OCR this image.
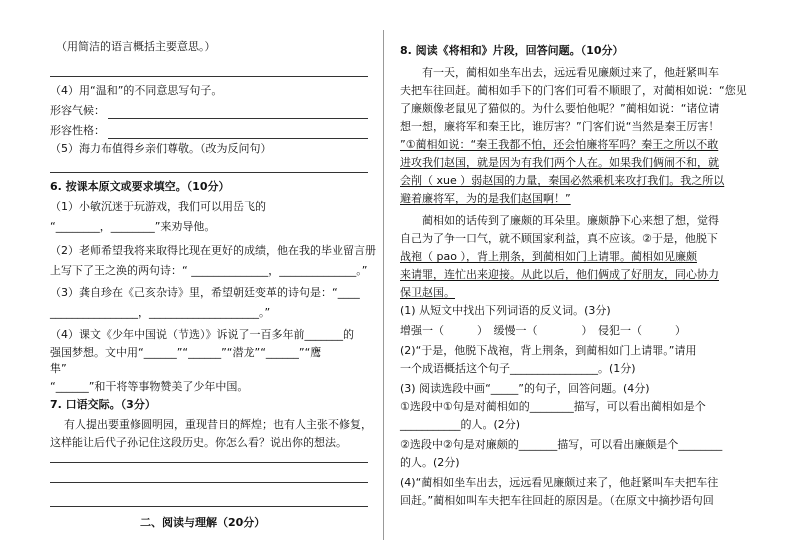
（用简洁的语言概括主要意思。）
（4）用“温和”的不同意思写句子。
形容气候：
形容性格：
（5）海力布值得乡亲们尊敬。（改为反问句）
6. 按课本原文或要求填空。（10分）
（1）小敏沉迷于玩游戏，我们可以用岳飞的
“________，________”来劝导他。
（2）老师希望我将来取得比现在更好的成绩，他在我的毕业留言册
上写下了王之涣的两句诗：“ ______________，______________。”
（3）龚自珍在《己亥杂诗》里，希望朝廷变革的诗句是：“____
________________，____________________。”
（4）课文《少年中国说（节选）》诉说了一百多年前_______的
强国梦想。文中用“______”“______”“潜龙”“______”“鹰
隼”
“______”和干将等事物赞美了少年中国。
7. 口语交际。（3分）
有人提出要重修圆明园，重现昔日的辉煌；也有人主张不修复，
这样能让后代子孙记住这段历史。你怎么看？说出你的想法。
二、阅读与理解（20分）
8. 阅读《将相和》片段，回答问题。（10分）
有一天，蔺相如坐车出去，远远看见廉颇过来了，他赶紧叫车
夫把车往回赶。蔺相如手下的门客们可看不顺眼了，对蔺相如说：“您见
了廉颇像老鼠见了猫似的。为什么要怕他呢？”蔺相如说：“诸位请
想一想，廉将军和秦王比，谁厉害？”门客们说“当然是秦王厉害！
”①蔺相如说：“秦王我都不怕，还会怕廉将军吗？秦王之所以不敢
进攻我们赵国，就是因为有我们两个人在。如果我们俩闹不和，就
会削（ xue ）弱赵国的力量，秦国必然乘机来攻打我们。我之所以
避着廉将军，为的是我们赵国啊！”
蔺相如的话传到了廉颇的耳朵里。廉颇静下心来想了想，觉得
自己为了争一口气，就不顾国家利益，真不应该。②于是，他脱下
战袍（ pao ），背上荆条，到蔺相如门上请罪。蔺相如见廉颇
来请罪，连忙出来迎接。从此以后，他们俩成了好朋友，同心协力
保卫赵国。
(1) 从短文中找出下列词语的反义词。(3分)
增强一（　　　）　缓慢一（　　　　）　侵犯一（　　　）
(2)“于是，他脱下战袍，背上荆条，到蔺相如门上请罪。”请用
一个成语概括这个句子________________。(1分)
(3) 阅读选段中画“_____”的句子，回答问题。(4分)
①选段中①句是对蔺相如的________描写，可以看出蔺相如是个
___________的人。(2分)
②选段中②句是对廉颇的_______描写，可以看出廉颇是个________
的人。(2分)
(4)“蔺相如坐车出去，远远看见廉颇过来了，他赶紧叫车夫把车往
回赶。”蔺相如叫车夫把车往回赶的原因是。（在原文中摘抄语句回
